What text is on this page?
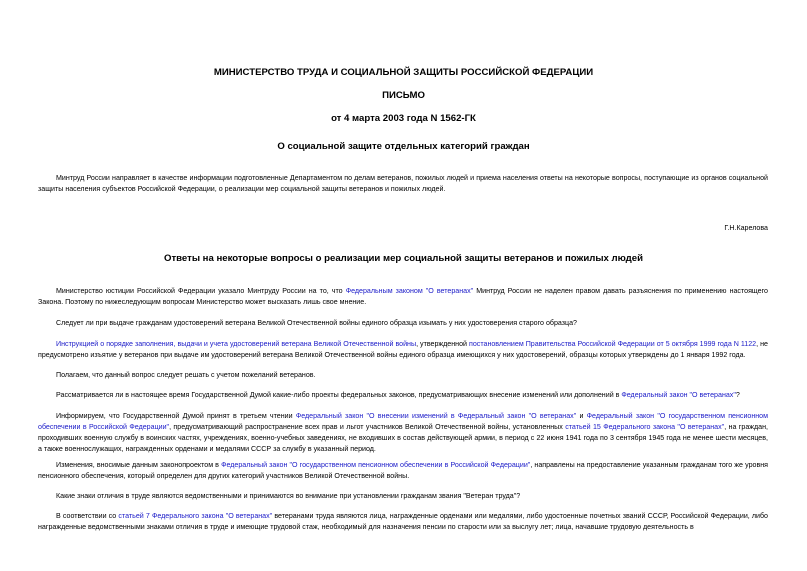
МИНИСТЕРСТВО ТРУДА И СОЦИАЛЬНОЙ ЗАЩИТЫ РОССИЙСКОЙ ФЕДЕРАЦИИ
ПИСЬМО
от 4 марта 2003 года N 1562-ГК
О социальной защите отдельных категорий граждан
Минтруд России направляет в качестве информации подготовленные Департаментом по делам ветеранов, пожилых людей и приема населения ответы на некоторые вопросы, поступающие из органов социальной защиты населения субъектов Российской Федерации, о реализации мер социальной защиты ветеранов и пожилых людей.
Г.Н.Карелова
Ответы на некоторые вопросы о реализации мер социальной защиты ветеранов и пожилых людей
Министерство юстиции Российской Федерации указало Минтруду России на то, что Федеральным законом "О ветеранах" Минтруд России не наделен правом давать разъяснения по применению настоящего Закона. Поэтому по нижеследующим вопросам Министерство может высказать лишь свое мнение.
Следует ли при выдаче гражданам удостоверений ветерана Великой Отечественной войны единого образца изымать у них удостоверения старого образца?
Инструкцией о порядке заполнения, выдачи и учета удостоверений ветерана Великой Отечественной войны, утвержденной постановлением Правительства Российской Федерации от 5 октября 1999 года N 1122, не предусмотрено изъятие у ветеранов при выдаче им удостоверений ветерана Великой Отечественной войны единого образца имеющихся у них удостоверений, образцы которых утверждены до 1 января 1992 года.
Полагаем, что данный вопрос следует решать с учетом пожеланий ветеранов.
Рассматривается ли в настоящее время Государственной Думой какие-либо проекты федеральных законов, предусматривающих внесение изменений или дополнений в Федеральный закон "О ветеранах"?
Информируем, что Государственной Думой принят в третьем чтении Федеральный закон "О внесении изменений в Федеральный закон "О ветеранах" и Федеральный закон "О государственном пенсионном обеспечении в Российской Федерации", предусматривающий распространение всех прав и льгот участников Великой Отечественной войны, установленных статьей 15 Федерального закона "О ветеранах", на граждан, проходивших военную службу в воинских частях, учреждениях, военно-учебных заведениях, не входивших в состав действующей армии, в период с 22 июня 1941 года по 3 сентября 1945 года не менее шести месяцев, а также военнослужащих, награжденных орденами и медалями СССР за службу в указанный период.
Изменения, вносимые данным законопроектом в Федеральный закон "О государственном пенсионном обеспечении в Российской Федерации", направлены на предоставление указанным гражданам того же уровня пенсионного обеспечения, который определен для других категорий участников Великой Отечественной войны.
Какие знаки отличия в труде являются ведомственными и принимаются во внимание при установлении гражданам звания "Ветеран труда"?
В соответствии со статьей 7 Федерального закона "О ветеранах" ветеранами труда являются лица, награжденные орденами или медалями, либо удостоенные почетных званий СССР, Российской Федерации, либо награжденные ведомственными знаками отличия в труде и имеющие трудовой стаж, необходимый для назначения пенсии по старости или за выслугу лет; лица, начавшие трудовую деятельность в
